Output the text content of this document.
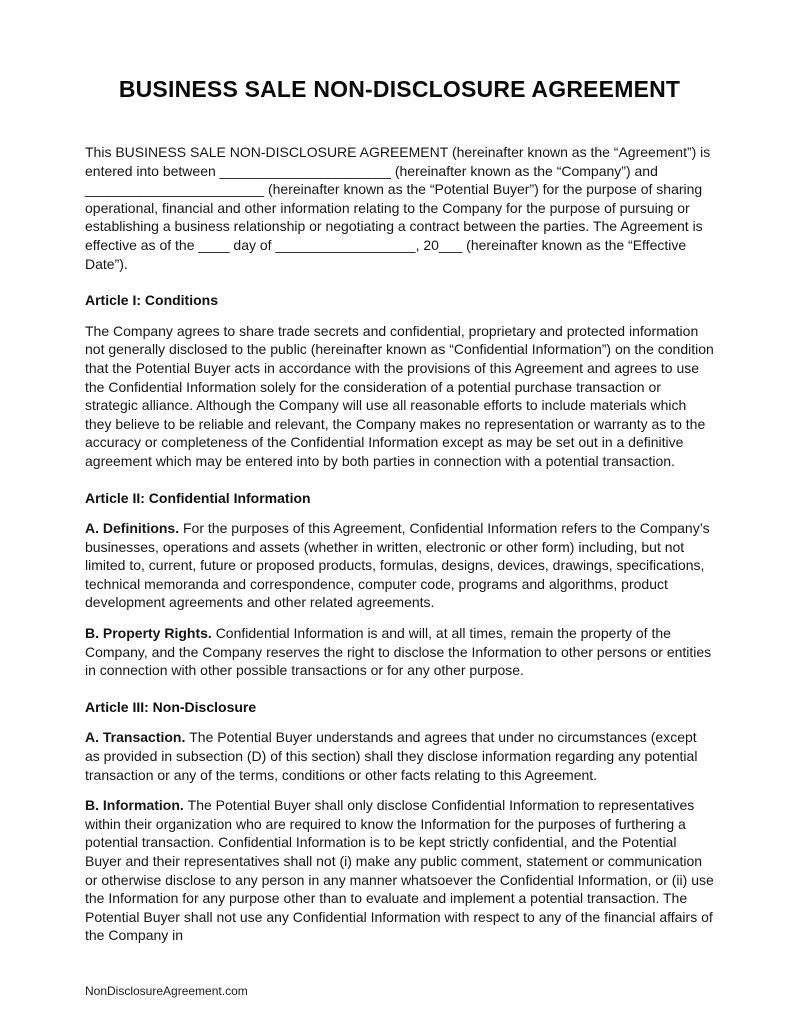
BUSINESS SALE NON-DISCLOSURE AGREEMENT

This BUSINESS SALE NON-DISCLOSURE AGREEMENT (hereinafter known as the “Agreement”) is entered into between ______________________ (hereinafter known as the “Company”) and _______________________ (hereinafter known as the “Potential Buyer”) for the purpose of sharing operational, financial and other information relating to the Company for the purpose of pursuing or establishing a business relationship or negotiating a contract between the parties. The Agreement is effective as of the ____ day of __________________, 20___ (hereinafter known as the “Effective Date”).

Article I: Conditions

The Company agrees to share trade secrets and confidential, proprietary and protected information not generally disclosed to the public (hereinafter known as “Confidential Information”) on the condition that the Potential Buyer acts in accordance with the provisions of this Agreement and agrees to use the Confidential Information solely for the consideration of a potential purchase transaction or strategic alliance. Although the Company will use all reasonable efforts to include materials which they believe to be reliable and relevant, the Company makes no representation or warranty as to the accuracy or completeness of the Confidential Information except as may be set out in a definitive agreement which may be entered into by both parties in connection with a potential transaction.

Article II: Confidential Information

A. Definitions. For the purposes of this Agreement, Confidential Information refers to the Company’s businesses, operations and assets (whether in written, electronic or other form) including, but not limited to, current, future or proposed products, formulas, designs, devices, drawings, specifications, technical memoranda and correspondence, computer code, programs and algorithms, product development agreements and other related agreements.

B. Property Rights. Confidential Information is and will, at all times, remain the property of the Company, and the Company reserves the right to disclose the Information to other persons or entities in connection with other possible transactions or for any other purpose.

Article III: Non-Disclosure

A. Transaction. The Potential Buyer understands and agrees that under no circumstances (except as provided in subsection (D) of this section) shall they disclose information regarding any potential transaction or any of the terms, conditions or other facts relating to this Agreement.

B. Information. The Potential Buyer shall only disclose Confidential Information to representatives within their organization who are required to know the Information for the purposes of furthering a potential transaction. Confidential Information is to be kept strictly confidential, and the Potential Buyer and their representatives shall not (i) make any public comment, statement or communication or otherwise disclose to any person in any manner whatsoever the Confidential Information, or (ii) use the Information for any purpose other than to evaluate and implement a potential transaction. The Potential Buyer shall not use any Confidential Information with respect to any of the financial affairs of the Company in

NonDisclosureAgreement.com
